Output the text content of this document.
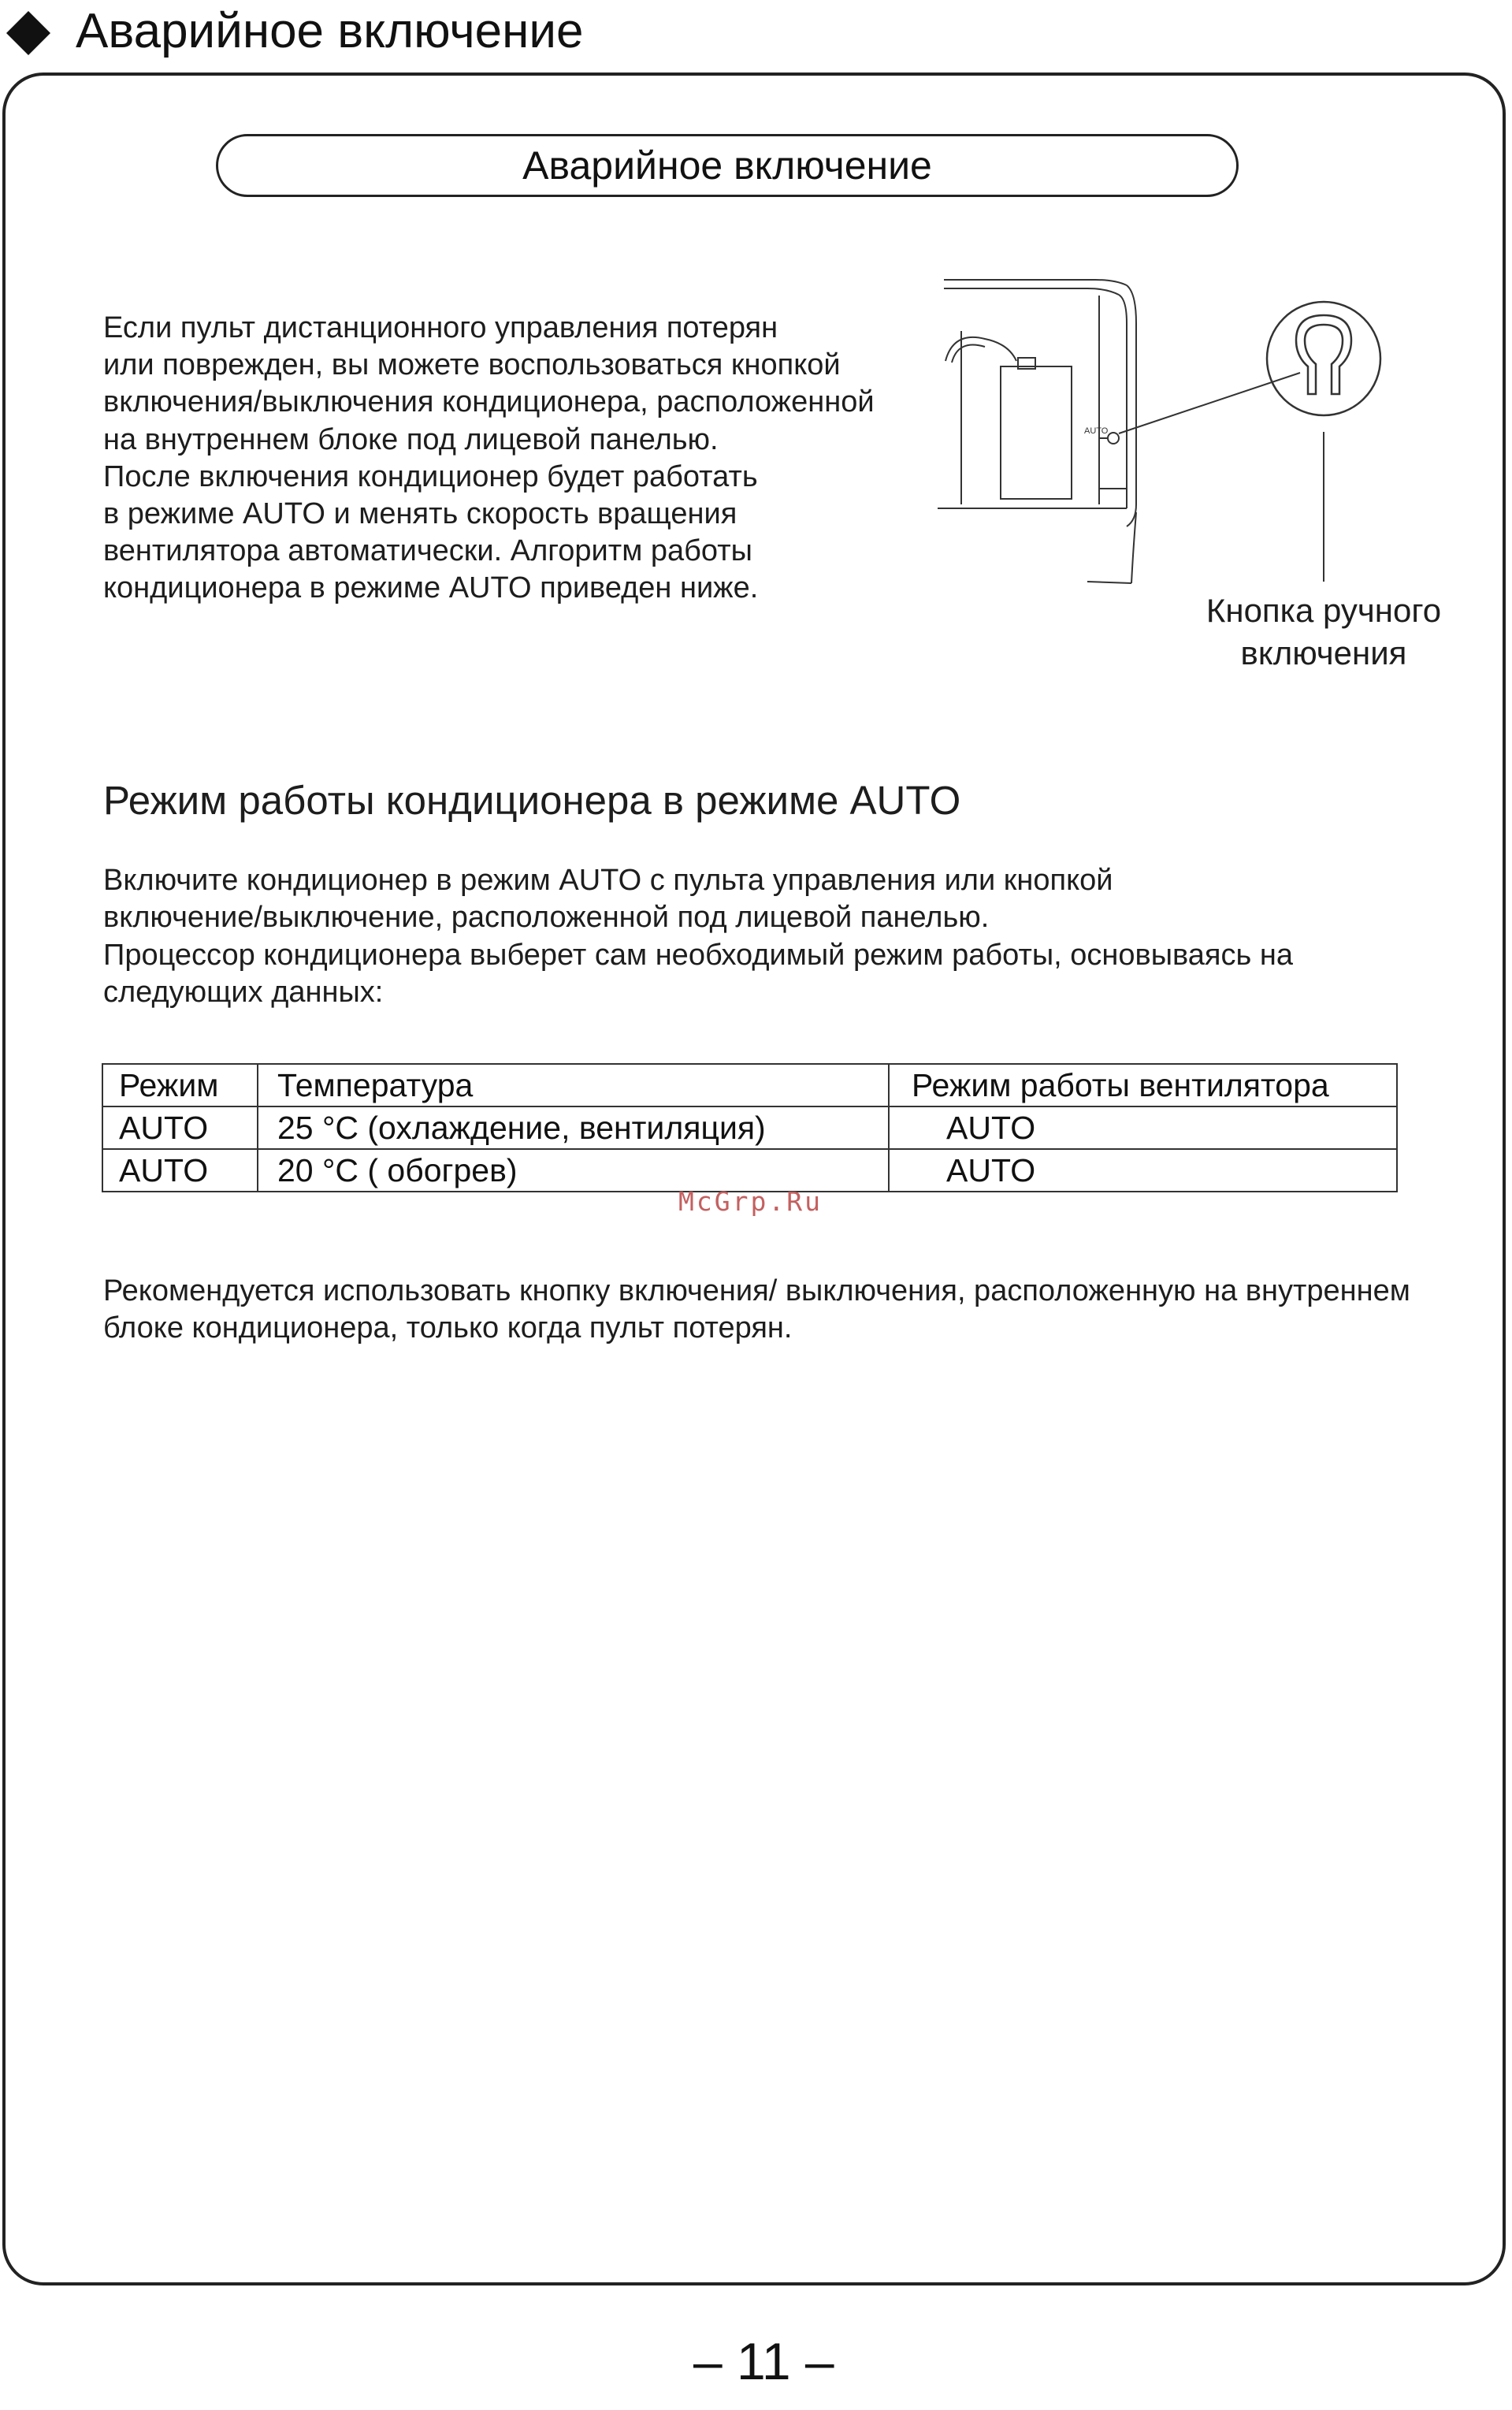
Аварийное включение
Аварийное включение
Если пульт дистанционного управления потерян
или поврежден, вы можете воспользоваться кнопкой
включения/выключения кондиционера, расположенной
на внутреннем блоке под лицевой панелью.
После включения кондиционер будет работать
в режиме AUTO и менять скорость вращения
вентилятора автоматически. Алгоритм работы
кондиционера в режиме AUTO приведен ниже.
AUTO
Кнопка ручного
включения
Режим работы кондиционера в режиме AUTO
Включите кондиционер в режим AUTO с пульта управления или кнопкой
включение/выключение, расположенной под лицевой панелью.
Процессор кондиционера выберет сам необходимый режим работы, основываясь на
следующих данных:
Режим	Температура	Режим работы вентилятора
AUTO	25 °C (охлаждение, вентиляция)	AUTO
AUTO	20 °C ( обогрев)	AUTO
McGrp.Ru
Рекомендуется использовать кнопку включения/ выключения, расположенную на внутреннем
блоке кондиционера, только когда пульт потерян.
– 11 –
